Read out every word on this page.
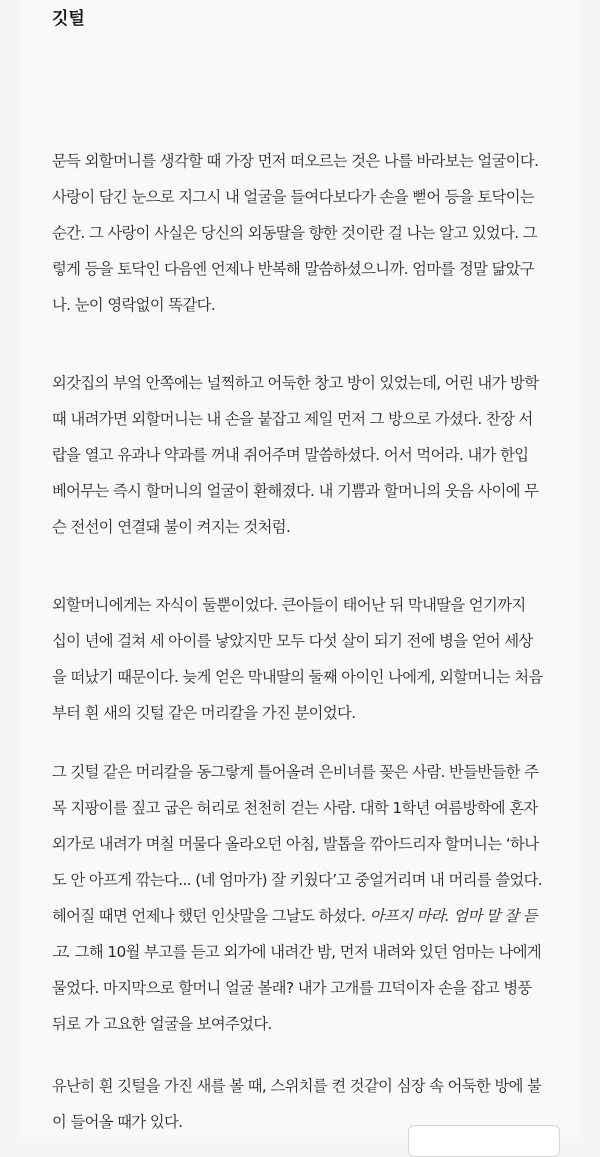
깃털

문득 외할머니를 생각할 때 가장 먼저 떠오르는 것은 나를 바라보는 얼굴이다.
사랑이 담긴 눈으로 지그시 내 얼굴을 들여다보다가 손을 뻗어 등을 토닥이는
순간. 그 사랑이 사실은 당신의 외동딸을 향한 것이란 걸 나는 알고 있었다. 그
렇게 등을 토닥인 다음엔 언제나 반복해 말씀하셨으니까. 엄마를 정말 닮았구
나. 눈이 영락없이 똑같다.

외갓집의 부엌 안쪽에는 널찍하고 어둑한 창고 방이 있었는데, 어린 내가 방학
때 내려가면 외할머니는 내 손을 붙잡고 제일 먼저 그 방으로 가셨다. 찬장 서
랍을 열고 유과나 약과를 꺼내 쥐어주며 말씀하셨다. 어서 먹어라. 내가 한입
베어무는 즉시 할머니의 얼굴이 환해졌다. 내 기쁨과 할머니의 웃음 사이에 무
슨 전선이 연결돼 불이 켜지는 것처럼.

외할머니에게는 자식이 둘뿐이었다. 큰아들이 태어난 뒤 막내딸을 얻기까지
십이 년에 걸쳐 세 아이를 낳았지만 모두 다섯 살이 되기 전에 병을 얻어 세상
을 떠났기 때문이다. 늦게 얻은 막내딸의 둘째 아이인 나에게, 외할머니는 처음
부터 흰 새의 깃털 같은 머리칼을 가진 분이었다.

그 깃털 같은 머리칼을 동그랗게 틀어올려 은비녀를 꽂은 사람. 반들반들한 주
목 지팡이를 짚고 굽은 허리로 천천히 걷는 사람. 대학 1학년 여름방학에 혼자
외가로 내려가 며칠 머물다 올라오던 아침, 발톱을 깎아드리자 할머니는 ‘하나
도 안 아프게 깎는다... (네 엄마가) 잘 키웠다’고 중얼거리며 내 머리를 쓸었다.
헤어질 때면 언제나 했던 인삿말을 그날도 하셨다. 아프지 마라. 엄마 말 잘 듣
고. 그해 10월 부고를 듣고 외가에 내려간 밤, 먼저 내려와 있던 엄마는 나에게
물었다. 마지막으로 할머니 얼굴 볼래? 내가 고개를 끄덕이자 손을 잡고 병풍
뒤로 가 고요한 얼굴을 보여주었다.

유난히 흰 깃털을 가진 새를 볼 때, 스위치를 켠 것같이 심장 속 어둑한 방에 불
이 들어올 때가 있다.
